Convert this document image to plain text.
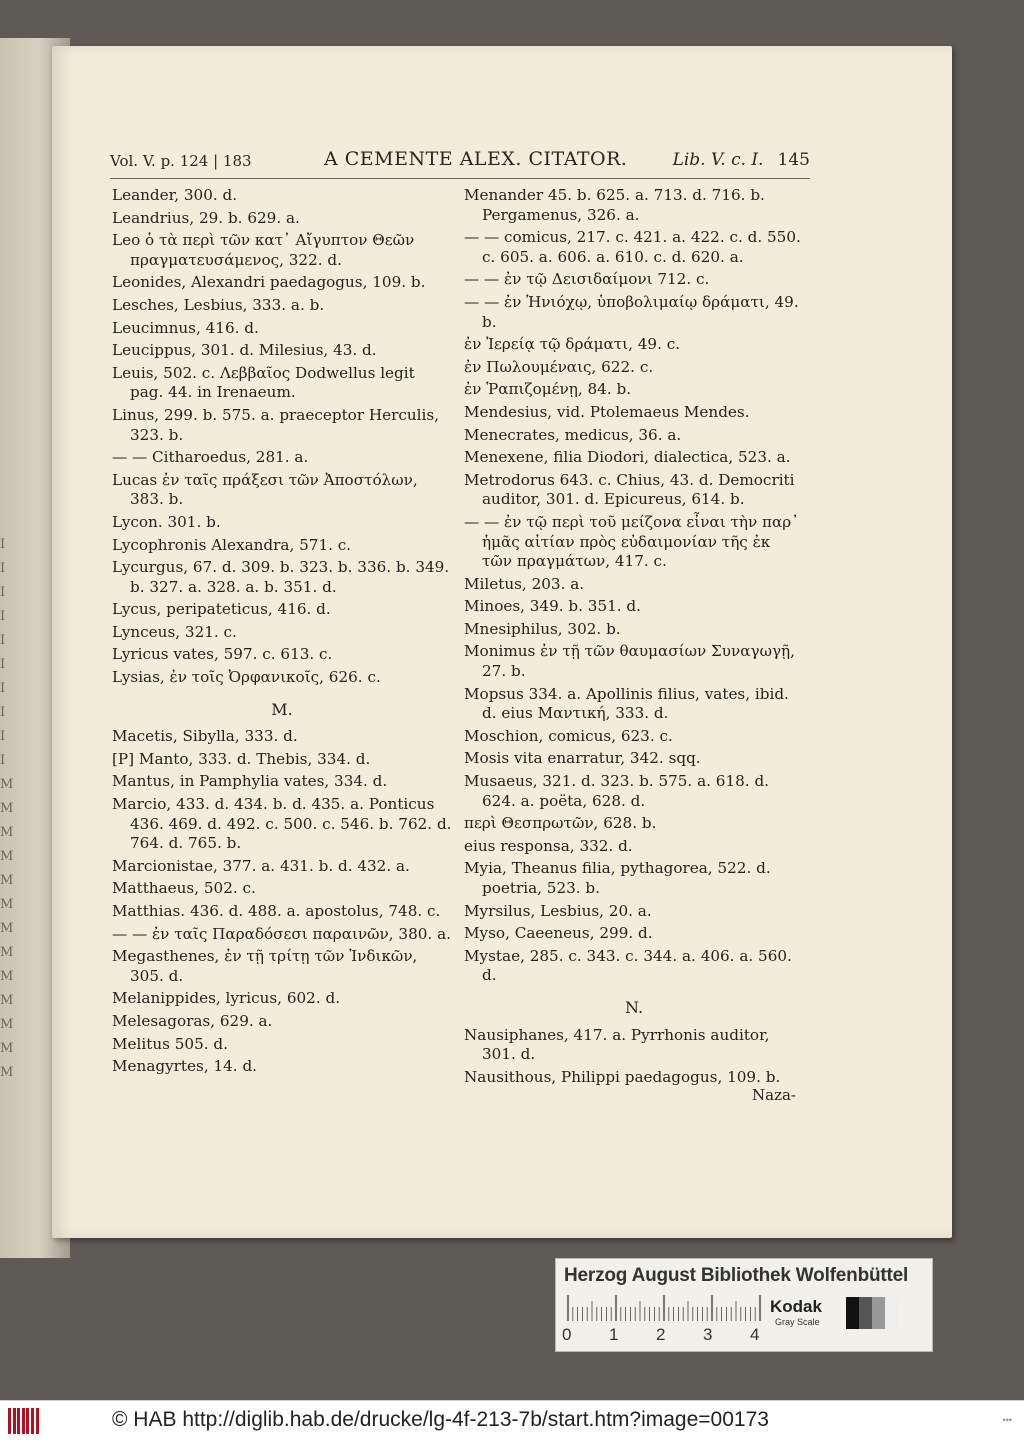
I
I
I
I
I
I
I
I
I
I
M
M
M
M
M
M
M
M
M
M
M
M
M
Vol. V. p. 124 | 183	A CEMENTE ALEX. CITATOR.	Lib. V. c. I. 145

Leander, 300. d.

Leandrius, 29. b. 629. a.

Leo ὁ τὰ περὶ τῶν κατ᾽ Αἴγυπτον Θεῶν πραγματευσάμενος, 322. d.

Leonides, Alexandri paedagogus, 109. b.

Lesches, Lesbius, 333. a. b.

Leucimnus, 416. d.

Leucippus, 301. d. Milesius, 43. d.

Leuis, 502. c. Λεββαῖος Dodwellus legit pag. 44. in Irenaeum.

Linus, 299. b. 575. a. praeceptor Herculis, 323. b.

— — Citharoedus, 281. a.

Lucas ἐν ταῖς πράξεσι τῶν Ἀποστόλων, 383. b.

Lycon. 301. b.

Lycophronis Alexandra, 571. c.

Lycurgus, 67. d. 309. b. 323. b. 336. b. 349. b. 327. a. 328. a. b. 351. d.

Lycus, peripateticus, 416. d.

Lynceus, 321. c.

Lyricus vates, 597. c. 613. c.

Lysias, ἐν τοῖς Ὀρφανικοῖς, 626. c.

M.

Macetis, Sibylla, 333. d.

[P] Manto, 333. d. Thebis, 334. d.

Mantus, in Pamphylia vates, 334. d.

Marcio, 433. d. 434. b. d. 435. a. Ponticus 436. 469. d. 492. c. 500. c. 546. b. 762. d. 764. d. 765. b.

Marcionistae, 377. a. 431. b. d. 432. a.

Matthaeus, 502. c.

Matthias. 436. d. 488. a. apostolus, 748. c.

— — ἐν ταῖς Παραδόσεσι παραινῶν, 380. a.

Megasthenes, ἐν τῇ τρίτῃ τῶν Ἰνδικῶν, 305. d.

Melanippides, lyricus, 602. d.

Melesagoras, 629. a.

Melitus 505. d.

Menagyrtes, 14. d.

Menander 45. b. 625. a. 713. d. 716. b. Pergamenus, 326. a.

— — comicus, 217. c. 421. a. 422. c. d. 550. c. 605. a. 606. a. 610. c. d. 620. a.

— — ἐν τῷ Δεισιδαίμονι 712. c.

— — ἐν Ἡνιόχῳ, ὑποβολιμαίῳ δράματι, 49. b.

ἐν Ἱερείᾳ τῷ δράματι, 49. c.

ἐν Πωλουμέναις, 622. c.

ἐν Ῥαπιζομένῃ, 84. b.

Mendesius, vid. Ptolemaeus Mendes.

Menecrates, medicus, 36. a.

Menexene, filia Diodori, dialectica, 523. a.

Metrodorus 643. c. Chius, 43. d. Democriti auditor, 301. d. Epicureus, 614. b.

— — ἐν τῷ περὶ τοῦ μείζονα εἶναι τὴν παρ᾽ ἡμᾶς αἰτίαν πρὸς εὐδαιμονίαν τῆς ἐκ τῶν πραγμάτων, 417. c.

Miletus, 203. a.

Minoes, 349. b. 351. d.

Mnesiphilus, 302. b.

Monimus ἐν τῇ τῶν θαυμασίων Συναγωγῇ, 27. b.

Mopsus 334. a. Apollinis filius, vates, ibid. d. eius Μαντική, 333. d.

Moschion, comicus, 623. c.

Mosis vita enarratur, 342. sqq.

Musaeus, 321. d. 323. b. 575. a. 618. d. 624. a. poëta, 628. d.

περὶ Θεσπρωτῶν, 628. b.

eius responsa, 332. d.

Myia, Theanus filia, pythagorea, 522. d. poetria, 523. b.

Myrsilus, Lesbius, 20. a.

Myso, Caeeneus, 299. d.

Mystae, 285. c. 343. c. 344. a. 406. a. 560. d.

N.

Nausiphanes, 417. a. Pyrrhonis auditor, 301. d.

Nausithous, Philippi paedagogus, 109. b.

Naza-
Herzog August Bibliothek Wolfenbüttel
0 1 2 3 4
Kodak
Gray Scale
© HAB http://diglib.hab.de/drucke/lg-4f-213-7b/start.htm?image=00173	•••
